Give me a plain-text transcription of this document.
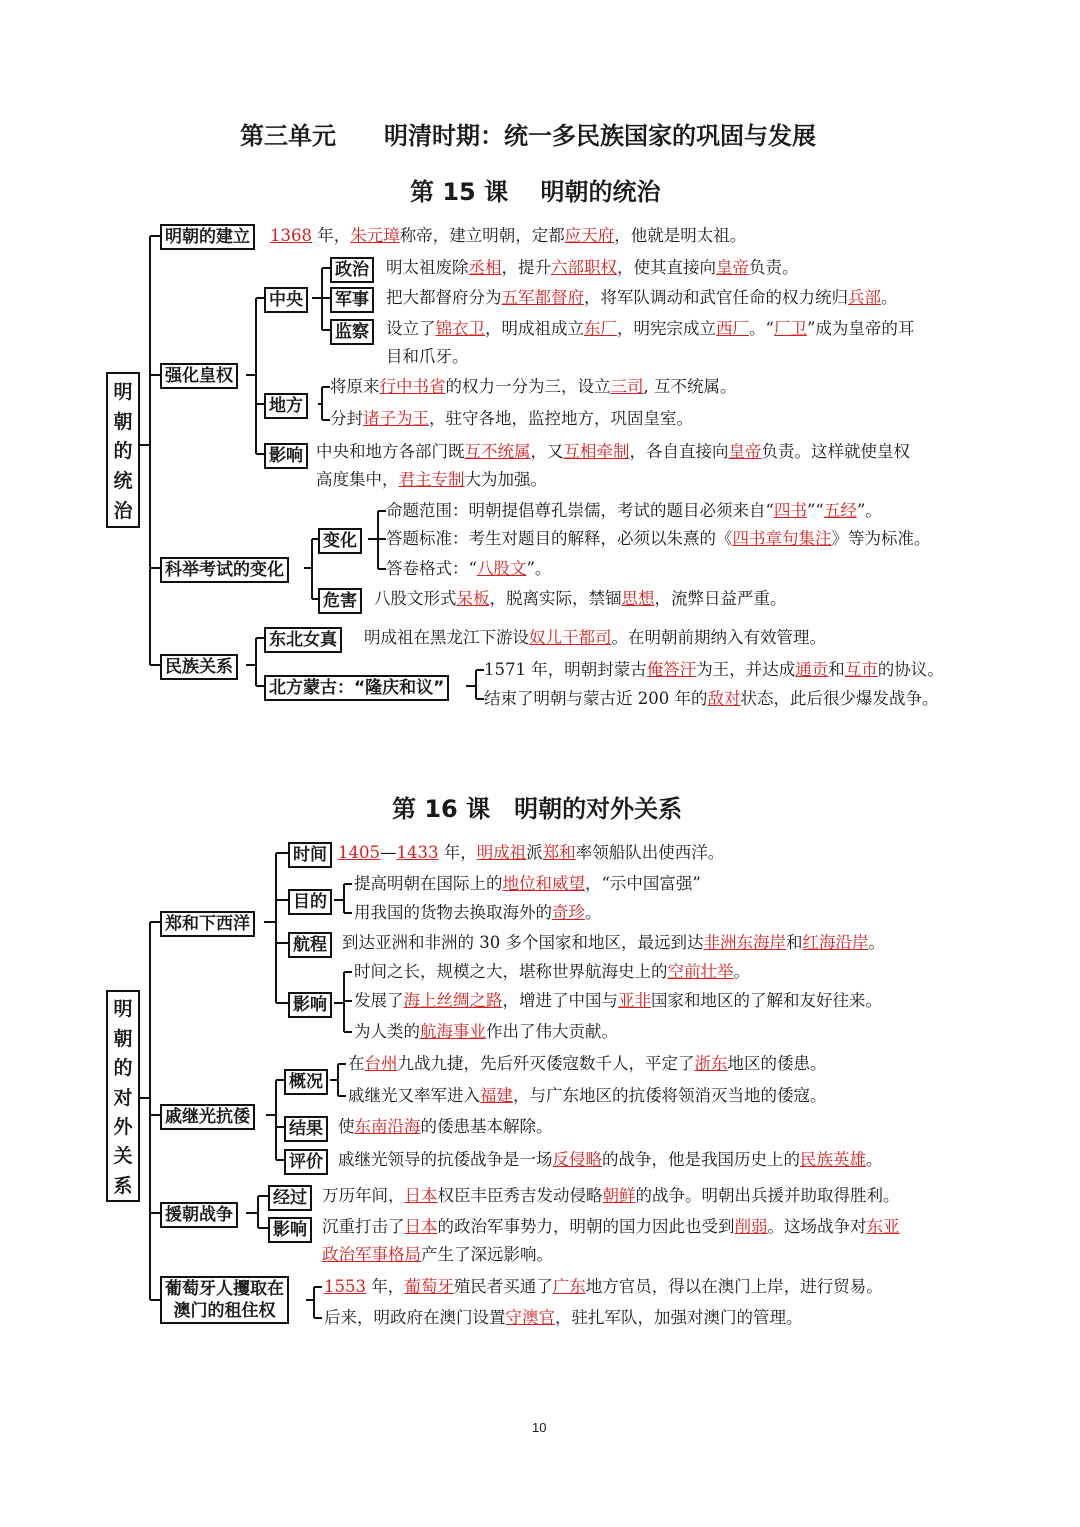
第三单元　　明清时期：统一多民族国家的巩固与发展
第 15 课　 明朝的统治
明
朝
的
统
治
明朝的建立	1368 年，朱元璋称帝，建立明朝，定都应天府，他就是明太祖。
强化皇权
中央
政治	明太祖废除丞相，提升六部职权，使其直接向皇帝负责。
军事	把大都督府分为五军都督府，将军队调动和武官任命的权力统归兵部。
监察	设立了锦衣卫，明成祖成立东厂，明宪宗成立西厂。“厂卫”成为皇帝的耳
目和爪牙。
地方
将原来行中书省的权力一分为三，设立三司, 互不统属。
分封诸子为王，驻守各地，监控地方，巩固皇室。
影响 中央和地方各部门既互不统属，又互相牵制，各自直接向皇帝负责。这样就使皇权
高度集中，君主专制大为加强。
科举考试的变化
变化
命题范围：明朝提倡尊孔崇儒，考试的题目必须来自“四书”“五经”。
答题标准：考生对题目的解释，必须以朱熹的《四书章句集注》等为标准。
答卷格式：“八股文”。
危害	八股文形式呆板，脱离实际，禁锢思想，流弊日益严重。
民族关系
东北女真	明成祖在黑龙江下游设奴儿干都司。在明朝前期纳入有效管理。
北方蒙古：“隆庆和议”
1571 年，明朝封蒙古俺答汗为王，并达成通贡和互市的协议。
结束了明朝与蒙古近 200 年的敌对状态，此后很少爆发战争。
第 16 课　明朝的对外关系
明
朝
的
对
外
关
系
郑和下西洋
时间 1405—1433 年，明成祖派郑和率领船队出使西洋。
目的
提高明朝在国际上的地位和威望，“示中国富强”
用我国的货物去换取海外的奇珍。
航程 到达亚洲和非洲的 30 多个国家和地区，最远到达非洲东海岸和红海沿岸。
影响
时间之长，规模之大，堪称世界航海史上的空前壮举。
发展了海上丝绸之路，增进了中国与亚非国家和地区的了解和友好往来。
为人类的航海事业作出了伟大贡献。
戚继光抗倭
概况
在台州九战九捷，先后歼灭倭寇数千人，平定了浙东地区的倭患。
戚继光又率军进入福建，与广东地区的抗倭将领消灭当地的倭寇。
结果 使东南沿海的倭患基本解除。
评价 戚继光领导的抗倭战争是一场反侵略的战争，他是我国历史上的民族英雄。
援朝战争
经过 万历年间，日本权臣丰臣秀吉发动侵略朝鲜的战争。明朝出兵援并助取得胜利。
影响 沉重打击了日本的政治军事势力，明朝的国力因此也受到削弱。这场战争对东亚
政治军事格局产生了深远影响。
葡萄牙人攫取在
澳门的租住权
1553 年，葡萄牙殖民者买通了广东地方官员，得以在澳门上岸，进行贸易。
后来，明政府在澳门设置守澳官，驻扎军队，加强对澳门的管理。
10
